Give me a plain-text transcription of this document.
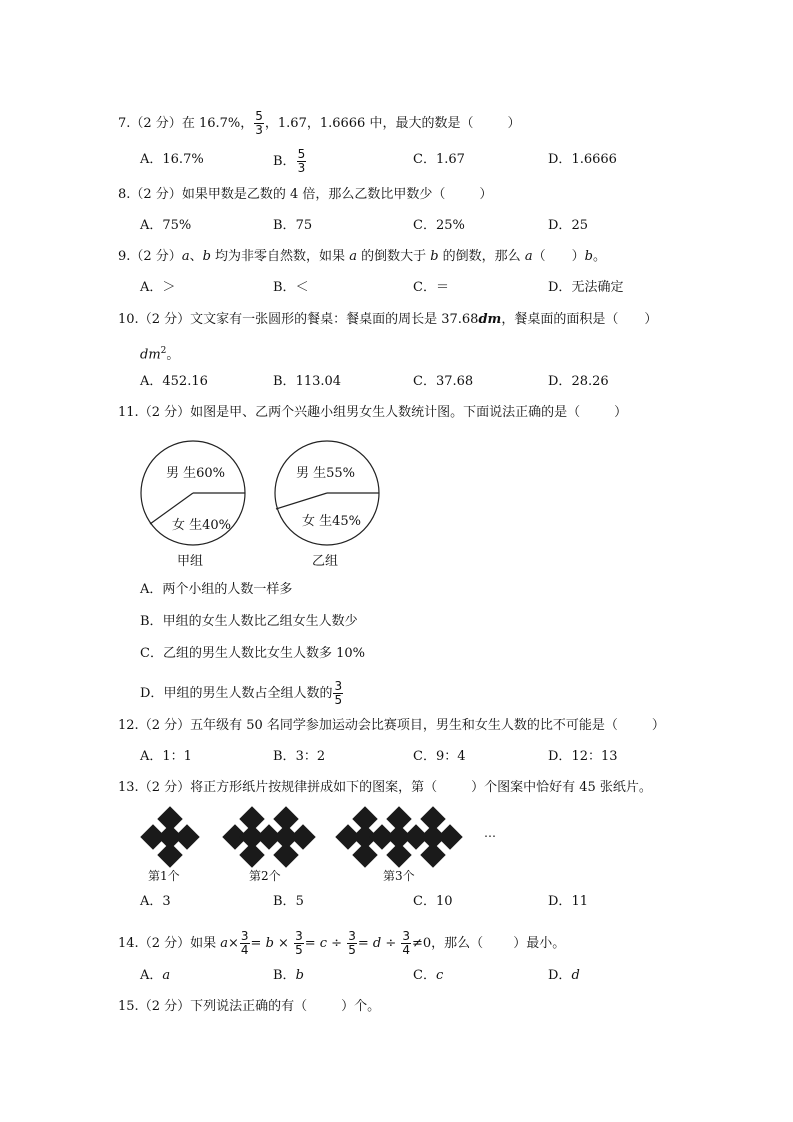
7.（2 分）在 16.7%， $\frac{5}{3}$ ，1.67，1.6666 中，最大的数是（	）
A．16.7%	B． $\frac{5}{3}$	C．1.67	D．1.6666
8.（2 分）如果甲数是乙数的 4 倍，那么乙数比甲数少（	）
A．75%	B．75	C．25%	D．25
9.（2 分）a、b 均为非零自然数，如果 a 的倒数大于 b 的倒数，那么 a（ ）b。
A．＞	B．＜	C．＝	D．无法确定
10.（2 分）文文家有一张圆形的餐桌：餐桌面的周长是 37.68dm，餐桌面的面积是（ ）
$dm^2$。
A．452.16	B．113.04	C．37.68	D．28.26
11.（2 分）如图是甲、乙两个兴趣小组男女生人数统计图。下面说法正确的是（	）
男 生60%
女 生40%
甲组
男 生55%
女 生45%
乙组
A．两个小组的人数一样多
B．甲组的女生人数比乙组女生人数少
C．乙组的男生人数比女生人数多 10%
D．甲组的男生人数占全组人数的 $\frac{3}{5}$
12.（2 分）五年级有 50 名同学参加运动会比赛项目，男生和女生人数的比不可能是（	）
A．1：1	B．3：2	C．9：4	D．12：13
13.（2 分）将正方形纸片按规律拼成如下的图案，第（	）个图案中恰好有 45 张纸片。
第1个	第2个	第3个
…
A．3	B．5	C．10	D．11
14.（2 分）如果 $a\times \frac{3}{4} = b \times \frac{3}{5} = c \div \frac{3}{5} = d \div \frac{3}{4} \ne 0$，那么（ ）最小。
A．a	B．b	C．c	D．d
15.（2 分）下列说法正确的有（	）个。
